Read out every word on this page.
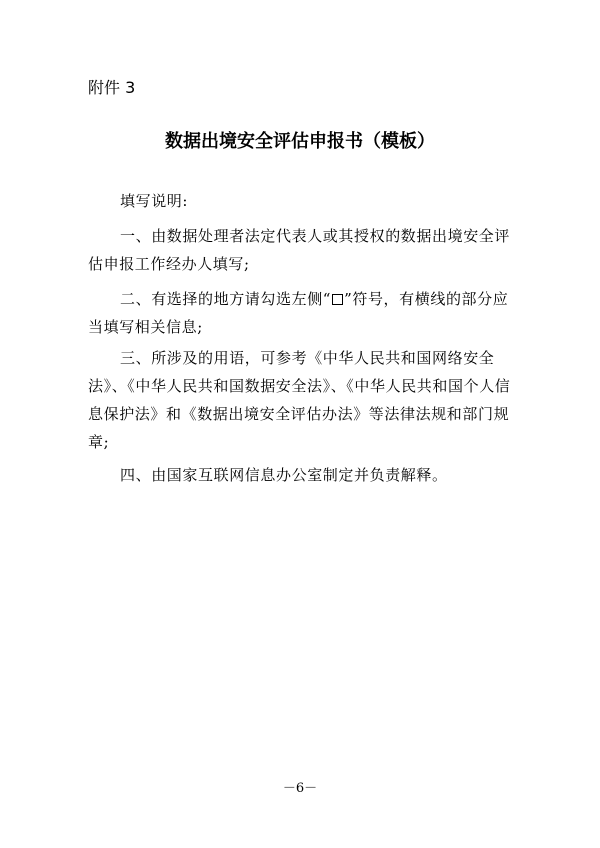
附件 3
数据出境安全评估申报书（模板）
填写说明:
一、由数据处理者法定代表人或其授权的数据出境安全评估申报工作经办人填写;
二、有选择的地方请勾选左侧“ ”符号，有横线的部分应当填写相关信息;
三、所涉及的用语，可参考《中华人民共和国网络安全法》、《中华人民共和国数据安全法》、《中华人民共和国个人信息保护法》和《数据出境安全评估办法》等法律法规和部门规章;
四、由国家互联网信息办公室制定并负责解释。
－6－
